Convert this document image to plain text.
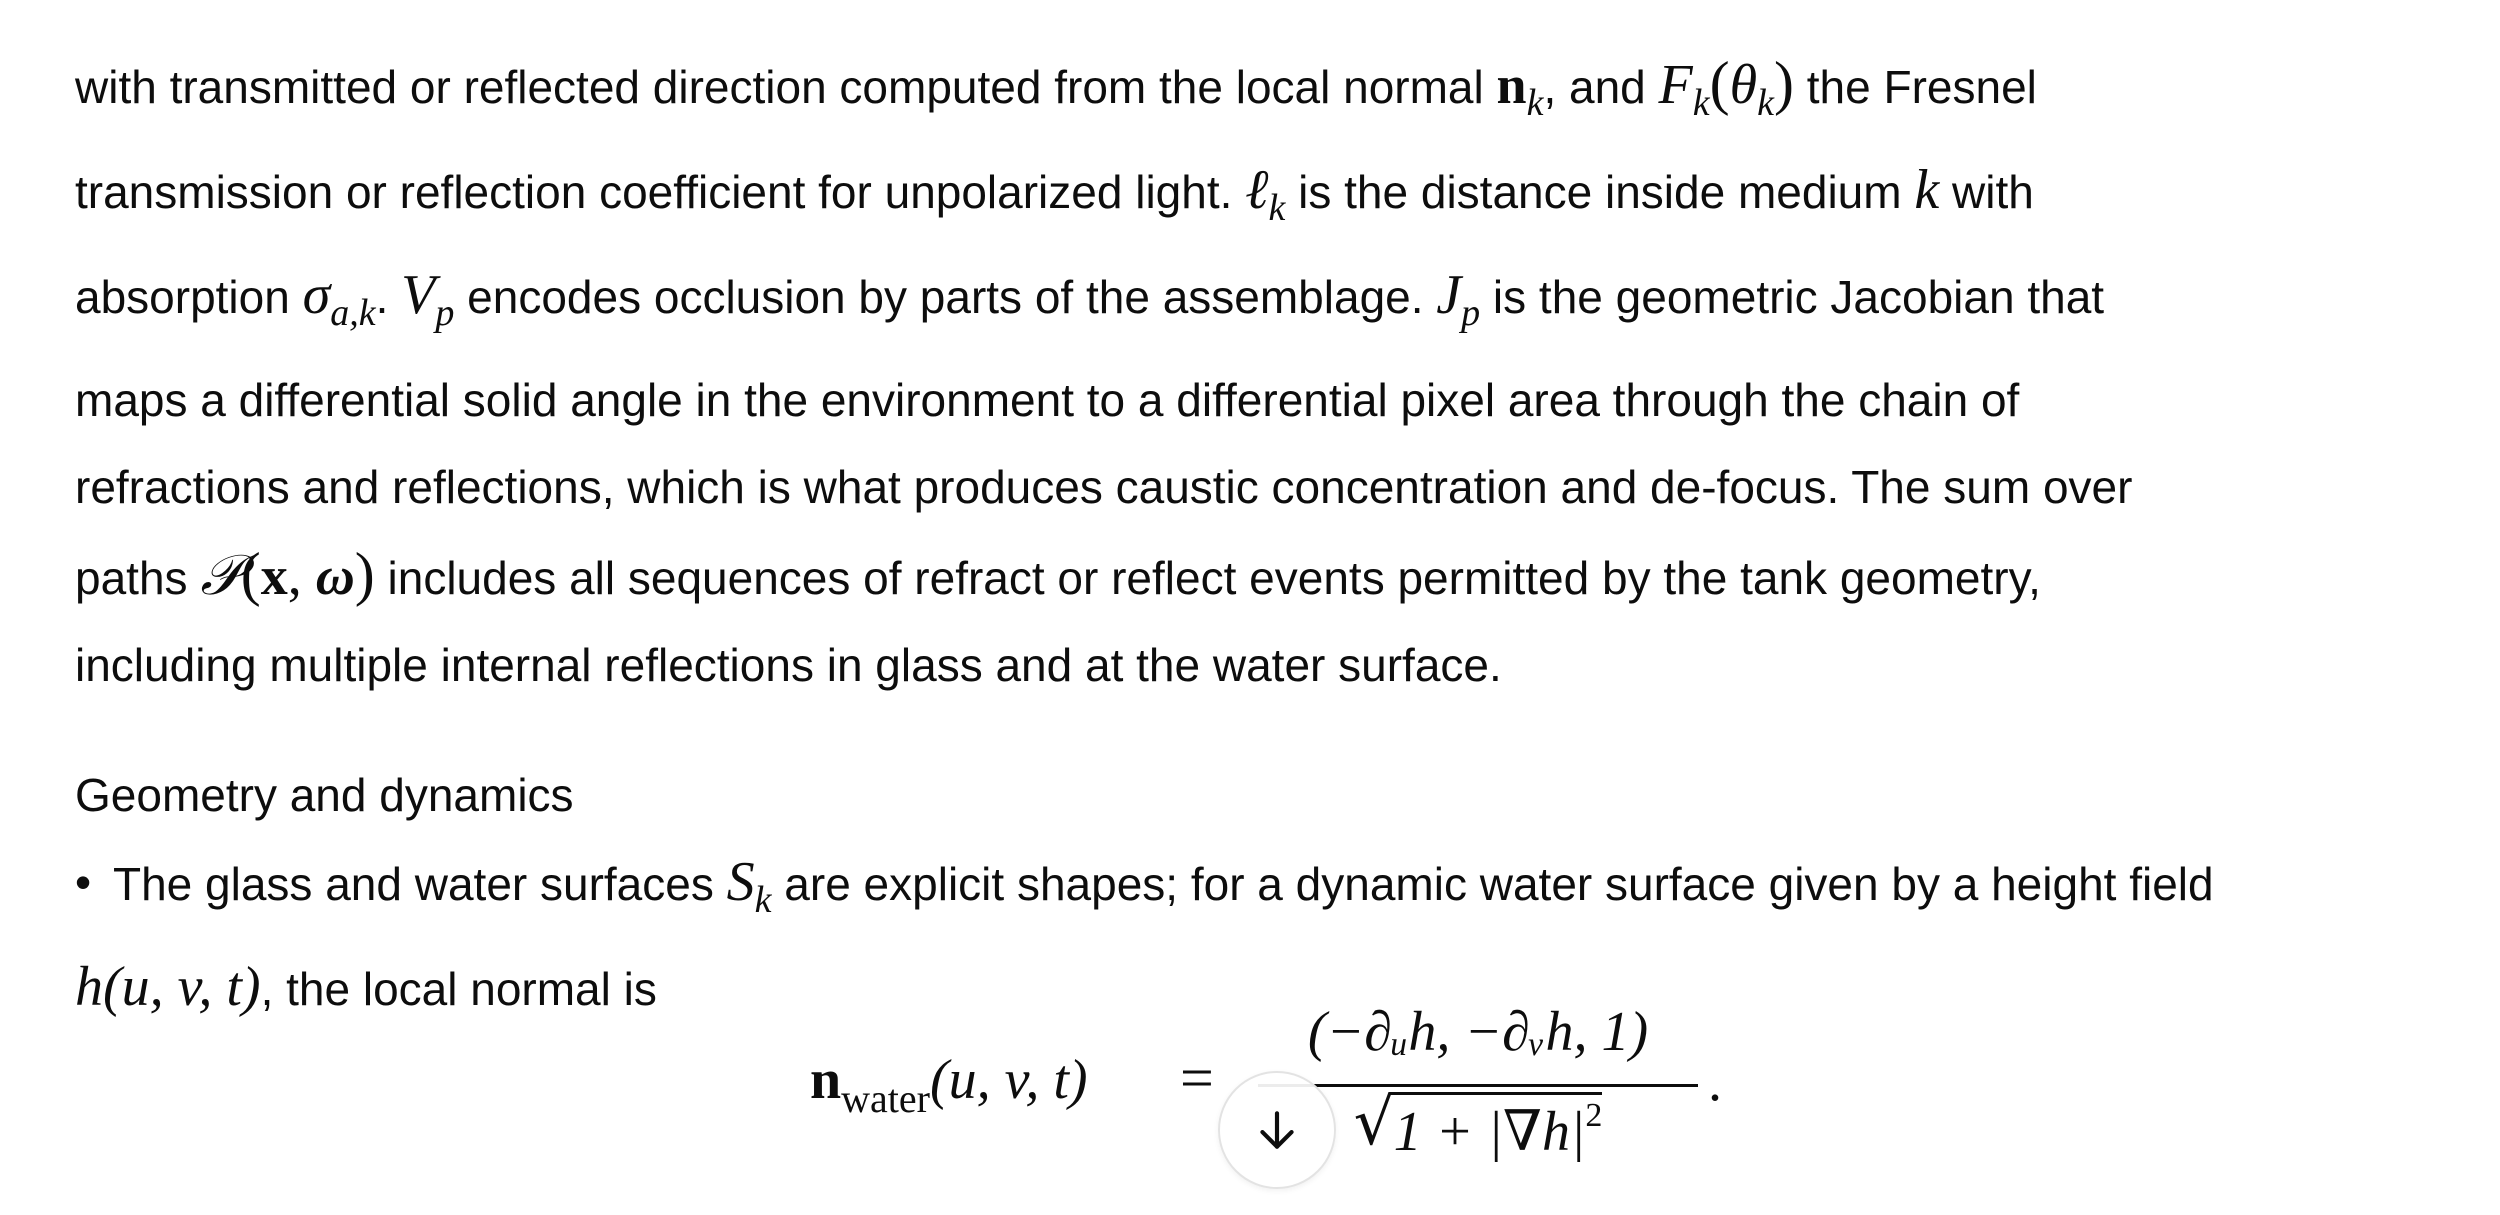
with transmitted or reflected direction computed from the local normal $n_k$, and $F_k(\theta_k)$ the Fresnel
transmission or reflection coefficient for unpolarized light. ℓ$_k$ is the distance inside medium k with
absorption $\sigma_{a,k}$. $V_p$ encodes occlusion by parts of the assemblage. $J_p$ is the geometric Jacobian that
maps a differential solid angle in the environment to a differential pixel area through the chain of
refractions and reflections, which is what produces caustic concentration and de-focus. The sum over
paths 𝒫(x, ω) includes all sequences of refract or reflect events permitted by the tank geometry,
including multiple internal reflections in glass and at the water surface.

Geometry and dynamics
• The glass and water surfaces $S_k$ are explicit shapes; for a dynamic water surface given by a height field
h(u, v, t), the local normal is
nwater(u, v, t) =
(−∂ᵤh, −∂ᵥh, 1)
√ $1 + |\nabla h|^2$
.
